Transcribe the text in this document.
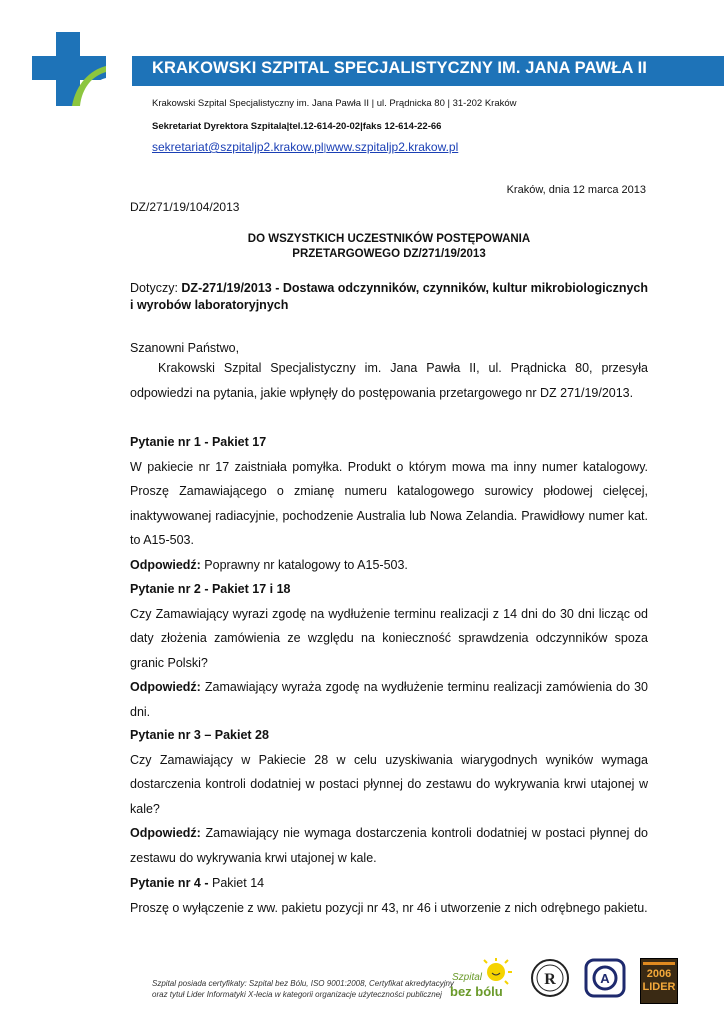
KRAKOWSKI SZPITAL SPECJALISTYCZNY IM. JANA PAWŁA II
Krakowski Szpital Specjalistyczny im. Jana Pawła II | ul. Prądnicka 80 | 31-202 Kraków
Sekretariat Dyrektora Szpitala|tel.12-614-20-02|faks 12-614-22-66
sekretariat@szpitaljp2.krakow.pl|www.szpitaljp2.krakow.pl
Kraków, dnia 12 marca 2013
DZ/271/19/104/2013
DO WSZYSTKICH UCZESTNIKÓW POSTĘPOWANIA
PRZETARGOWEGO DZ/271/19/2013
Dotyczy: DZ-271/19/2013 - Dostawa odczynników, czynników, kultur mikrobiologicznych i wyrobów laboratoryjnych
Szanowni Państwo,

Krakowski Szpital Specjalistyczny im. Jana Pawła II, ul. Prądnicka 80, przesyła odpowiedzi na pytania, jakie wpłynęły do postępowania przetargowego nr DZ 271/19/2013.

Pytanie nr 1 - Pakiet 17

W pakiecie nr 17 zaistniała pomyłka. Produkt o którym mowa ma inny numer katalogowy. Proszę Zamawiającego o zmianę numeru katalogowego surowicy płodowej cielęcej, inaktywowanej radiacyjnie, pochodzenie Australia lub Nowa Zelandia. Prawidłowy numer kat. to A15-503.

Odpowiedź: Poprawny nr katalogowy to A15-503.

Pytanie nr 2 - Pakiet 17 i 18

Czy Zamawiający wyrazi zgodę na wydłużenie terminu realizacji z 14 dni do 30 dni licząc od daty złożenia zamówienia ze względu na konieczność sprawdzenia odczynników spoza granic Polski?

Odpowiedź: Zamawiający wyraża zgodę na wydłużenie terminu realizacji zamówienia do 30 dni.

Pytanie nr 3 – Pakiet 28

Czy Zamawiający w Pakiecie 28 w celu uzyskiwania wiarygodnych wyników wymaga dostarczenia kontroli dodatniej w postaci płynnej do zestawu do wykrywania krwi utajonej w kale?

Odpowiedź: Zamawiający nie wymaga dostarczenia kontroli dodatniej w postaci płynnej do zestawu do wykrywania krwi utajonej w kale.

Pytanie nr 4 - Pakiet 14

Proszę o wyłączenie z ww. pakietu pozycji nr 43, nr 46 i utworzenie z nich odrębnego pakietu.

Szpital posiada certyfikaty: Szpital bez Bólu, ISO 9001:2008, Certyfikat akredytacyjny
oraz tytuł Lider Informatyki X-lecia w kategorii organizacje użyteczności publicznej
Szpital
bez bólu
R	A	2006
LIDER
